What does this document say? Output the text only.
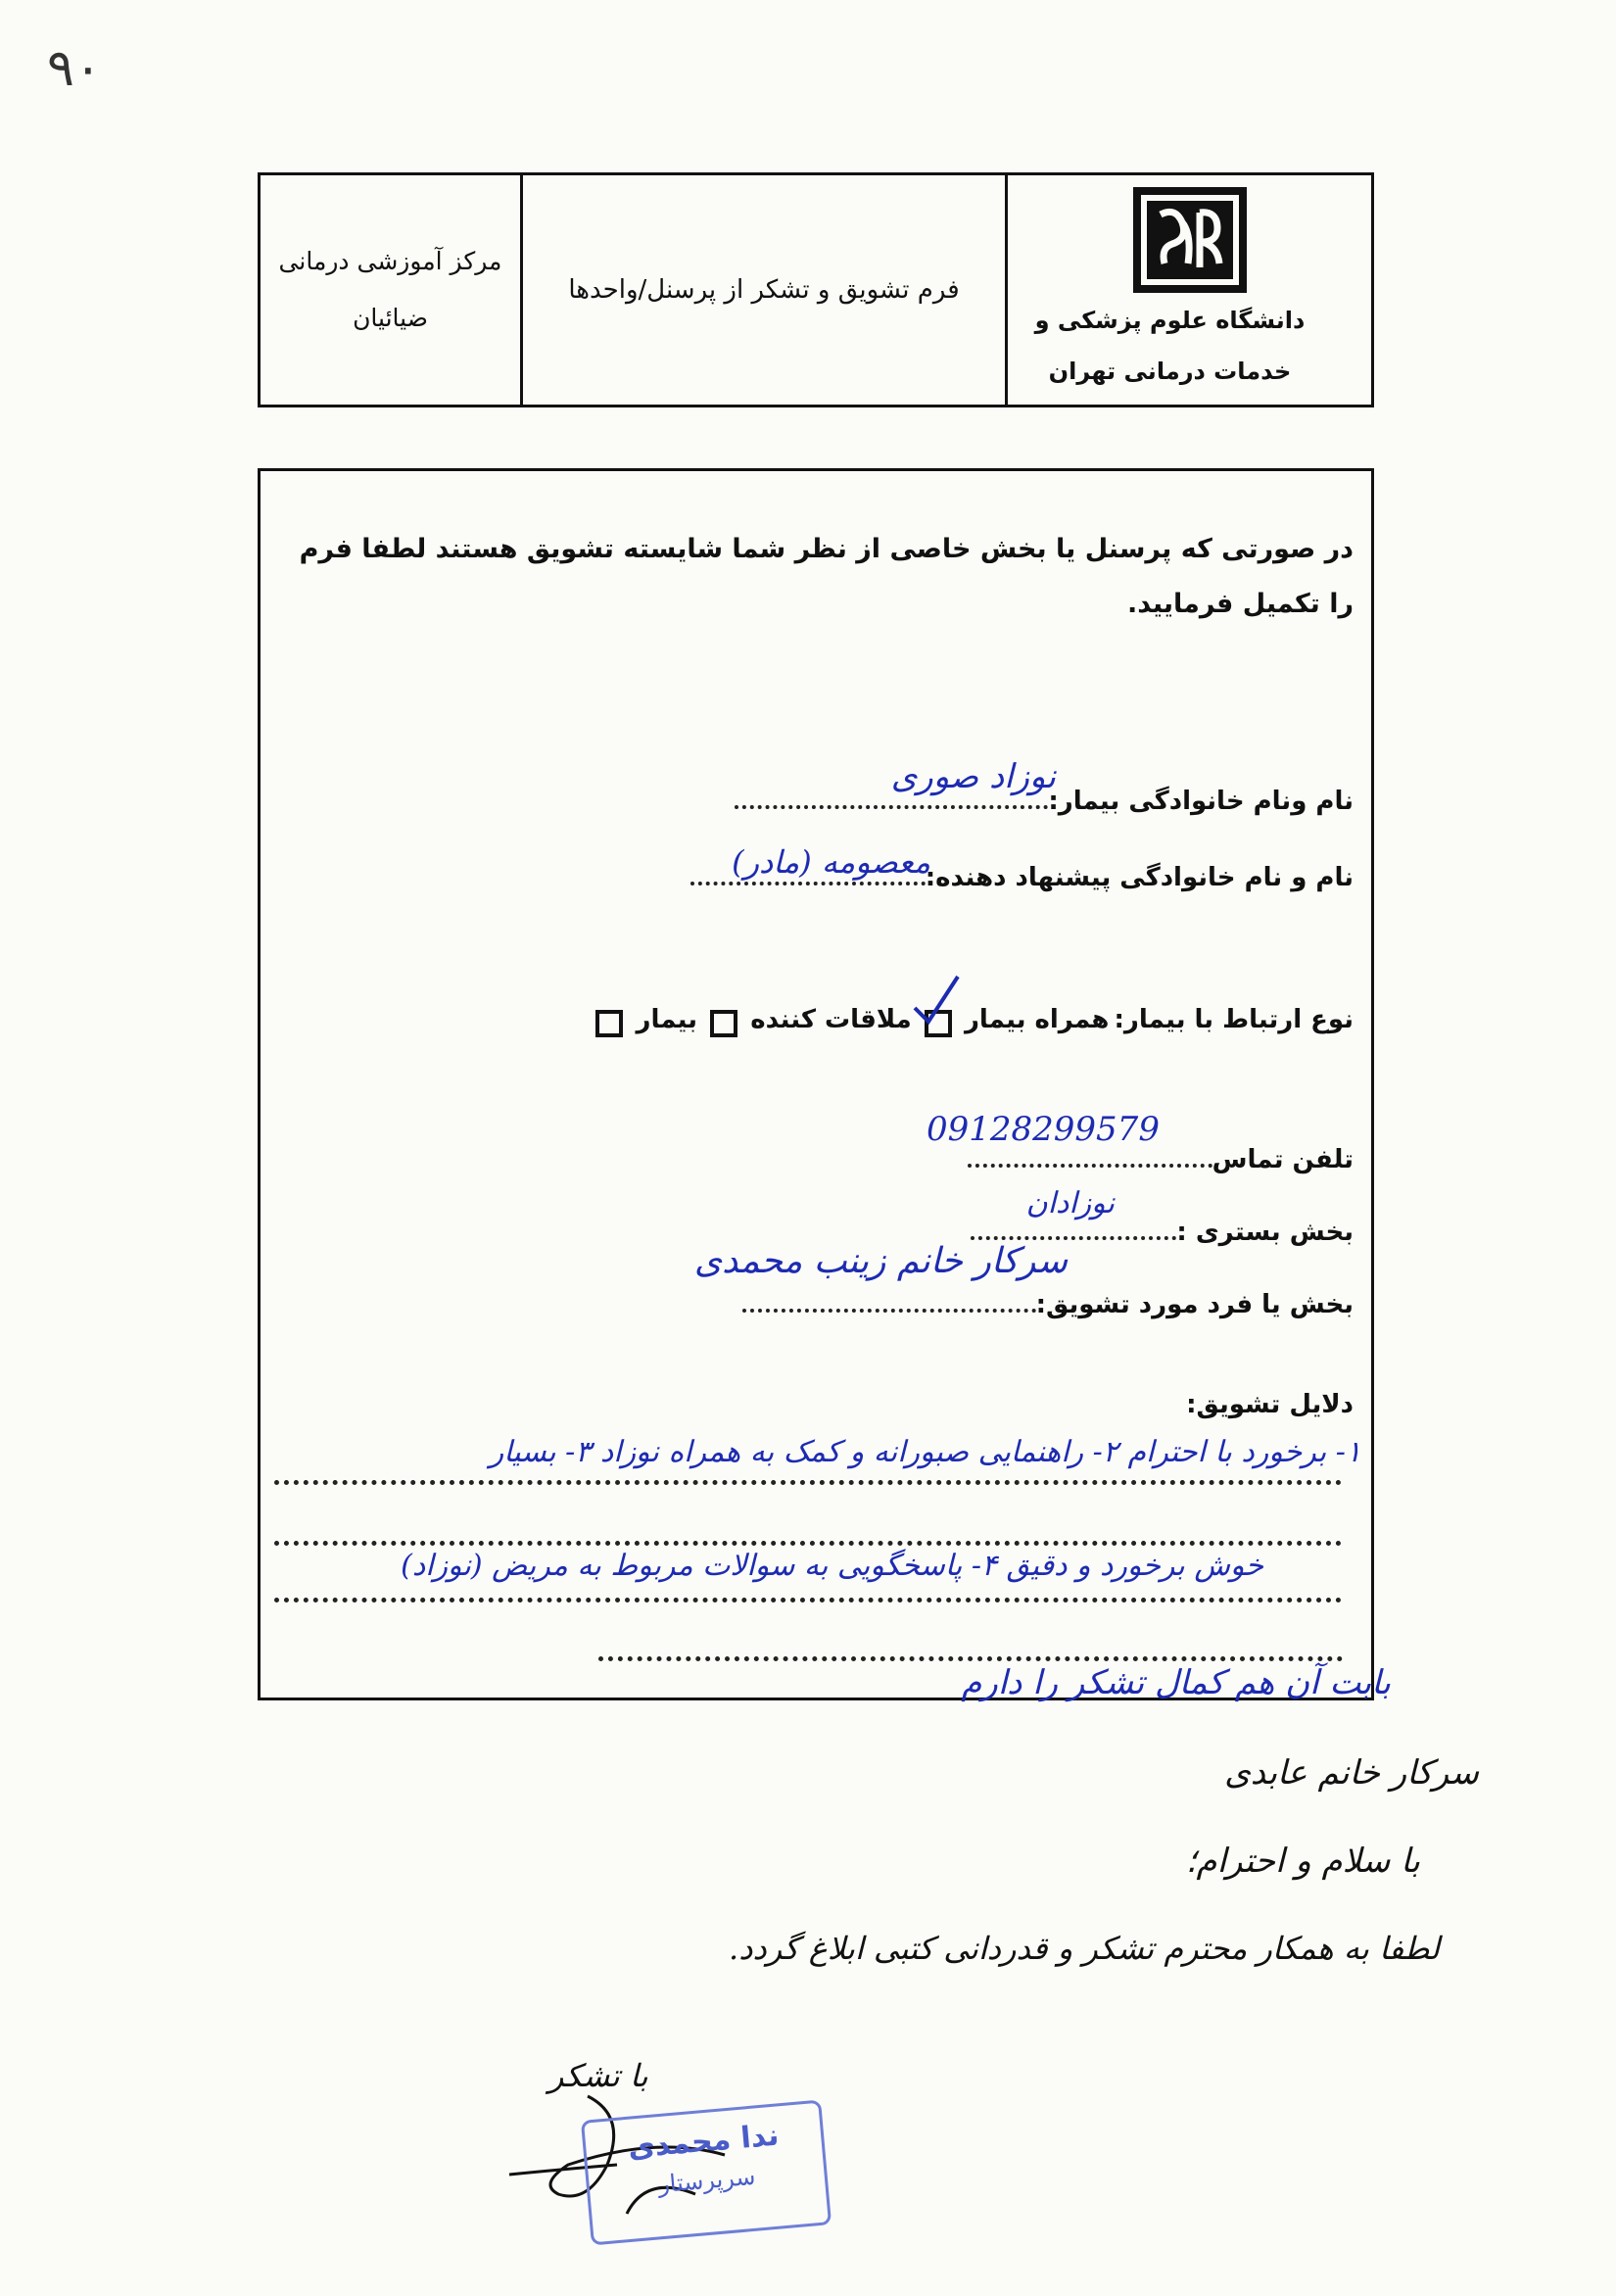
۹۰
مرکز آموزشی درمانی
ضیائیان
فرم تشویق و تشکر از پرسنل/واحدها
دانشگاه علوم پزشکی و
خدمات درمانی تهران
در صورتی که پرسنل یا بخش خاصی از نظر شما شایسته تشویق هستند لطفا فرم را تکمیل فرمایید.
نام ونام خانوادگی بیمار:
نوزاد صوری
نام و نام خانوادگی پیشنهاد دهنده:
معصومه (مادر)
نوع ارتباط با بیمار: همراه بیمار  ملاقات کننده  بیمار
تلفن تماس
09128299579
بخش بستری :
نوزادان
بخش یا فرد مورد تشویق:
سرکار خانم زینب محمدی
دلایل تشویق:
۱- برخورد با احترام ۲- راهنمایی صبورانه و کمک به همراه نوزاد ۳- بسیار
خوش برخورد و دقیق ۴- پاسخگویی به سوالات مربوط به مریض (نوزاد)
بابت آن هم کمال تشکر را دارم
سرکار خانم عابدی
با سلام و احترام؛
لطفا به همکار محترم تشکر و قدردانی کتبی ابلاغ گردد.
با تشکر
ندا محمدی
سرپرستار
